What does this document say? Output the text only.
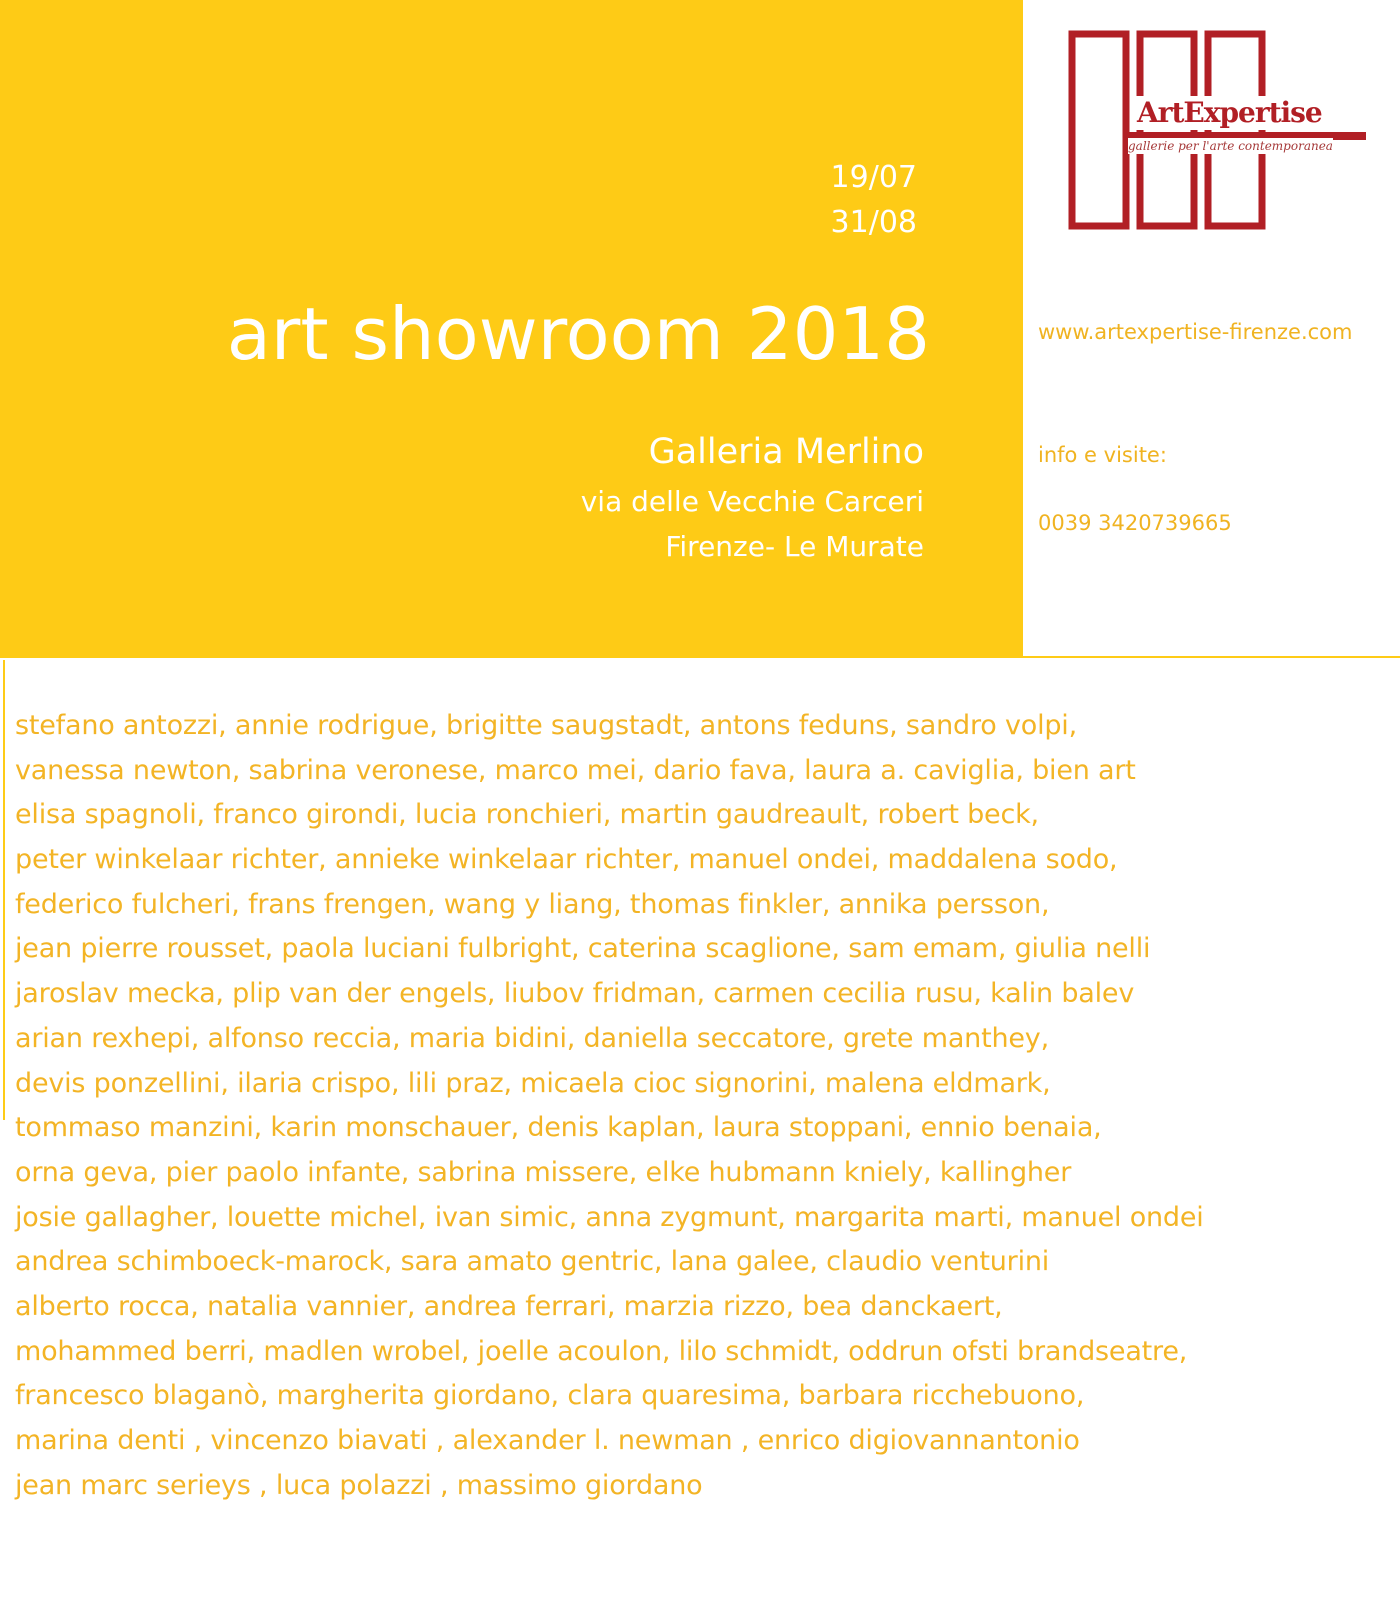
19/07
31/08
art showroom 2018
Galleria Merlino
via delle Vecchie Carceri
Firenze- Le Murate
ArtExpertise
gallerie per l'arte contemporanea
www.artexpertise-firenze.com
info e visite:
0039 3420739665
stefano antozzi, annie rodrigue, brigitte saugstadt, antons feduns, sandro volpi,
vanessa newton, sabrina veronese, marco mei, dario fava, laura a. caviglia, bien art
elisa spagnoli, franco girondi, lucia ronchieri, martin gaudreault, robert beck,
peter winkelaar richter, annieke winkelaar richter, manuel ondei, maddalena sodo,
federico fulcheri, frans frengen, wang y liang, thomas finkler, annika persson,
jean pierre rousset, paola luciani fulbright, caterina scaglione, sam emam, giulia nelli
jaroslav mecka, plip van der engels, liubov fridman, carmen cecilia rusu, kalin balev
arian rexhepi, alfonso reccia, maria bidini, daniella seccatore, grete manthey,
devis ponzellini, ilaria crispo, lili praz, micaela cioc signorini, malena eldmark,
tommaso manzini, karin monschauer, denis kaplan, laura stoppani, ennio benaia,
orna geva, pier paolo infante, sabrina missere, elke hubmann kniely, kallingher
josie gallagher, louette michel, ivan simic, anna zygmunt, margarita marti, manuel ondei
andrea schimboeck-marock, sara amato gentric, lana galee, claudio venturini
alberto rocca, natalia vannier, andrea ferrari, marzia rizzo, bea danckaert,
mohammed berri, madlen wrobel, joelle acoulon, lilo schmidt, oddrun ofsti brandseatre,
francesco blaganò, margherita giordano, clara quaresima, barbara ricchebuono,
marina denti , vincenzo biavati , alexander l. newman , enrico digiovannantonio
jean marc serieys , luca polazzi , massimo giordano
